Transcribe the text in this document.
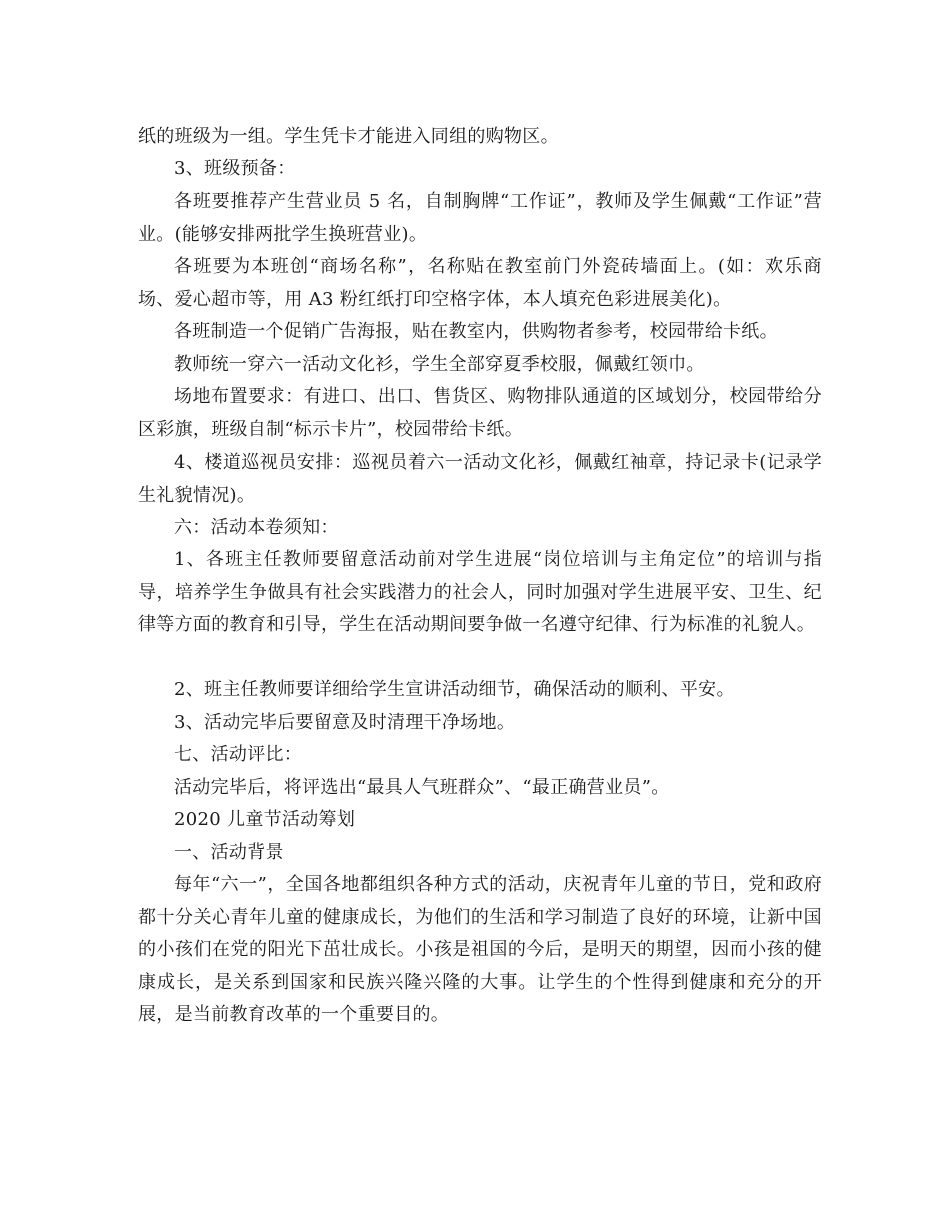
纸的班级为一组。学生凭卡才能进入同组的购物区。

3、班级预备：

各班要推荐产生营业员 5 名，自制胸牌“工作证”，教师及学生佩戴“工作证”营业。(能够安排两批学生换班营业)。

各班要为本班创“商场名称”，名称贴在教室前门外瓷砖墙面上。(如：欢乐商场、爱心超市等，用 A3 粉红纸打印空格字体，本人填充色彩进展美化)。

各班制造一个促销广告海报，贴在教室内，供购物者参考，校园带给卡纸。

教师统一穿六一活动文化衫，学生全部穿夏季校服，佩戴红领巾。

场地布置要求：有进口、出口、售货区、购物排队通道的区域划分，校园带给分区彩旗，班级自制“标示卡片”，校园带给卡纸。

4、楼道巡视员安排：巡视员着六一活动文化衫，佩戴红袖章，持记录卡(记录学生礼貌情况)。

六：活动本卷须知：

1、各班主任教师要留意活动前对学生进展“岗位培训与主角定位”的培训与指导，培养学生争做具有社会实践潜力的社会人，同时加强对学生进展平安、卫生、纪律等方面的教育和引导，学生在活动期间要争做一名遵守纪律、行为标准的礼貌人。

2、班主任教师要详细给学生宣讲活动细节，确保活动的顺利、平安。

3、活动完毕后要留意及时清理干净场地。

七、活动评比：

活动完毕后，将评选出“最具人气班群众”、“最正确营业员”。

2020 儿童节活动筹划

一、活动背景

每年“六一”，全国各地都组织各种方式的活动，庆祝青年儿童的节日，党和政府都十分关心青年儿童的健康成长，为他们的生活和学习制造了良好的环境，让新中国的小孩们在党的阳光下茁壮成长。小孩是祖国的今后，是明天的期望，因而小孩的健康成长，是关系到国家和民族兴隆兴隆的大事。让学生的个性得到健康和充分的开展，是当前教育改革的一个重要目的。
